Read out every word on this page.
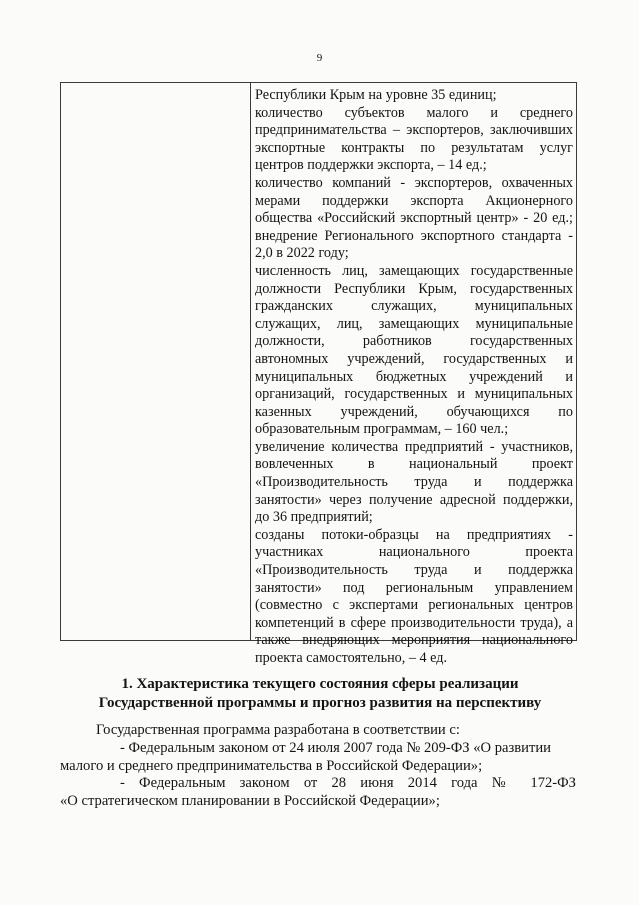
9
Республики Крым на уровне 35 единиц;
количество субъектов малого и среднего
предпринимательства – экспортеров, заключивших
экспортные контракты по результатам услуг
центров поддержки экспорта, – 14 ед.;
количество компаний - экспортеров, охваченных
мерами поддержки экспорта Акционерного
общества «Российский экспортный центр» - 20 ед.;
внедрение Регионального экспортного стандарта -
2,0 в 2022 году;
численность лиц, замещающих государственные
должности Республики Крым, государственных
гражданских служащих, муниципальных
служащих, лиц, замещающих муниципальные
должности, работников государственных
автономных учреждений, государственных и
муниципальных бюджетных учреждений и
организаций, государственных и муниципальных
казенных учреждений, обучающихся по
образовательным программам, – 160 чел.;
увеличение количества предприятий - участников,
вовлеченных в национальный проект
«Производительность труда и поддержка
занятости» через получение адресной поддержки,
до 36 предприятий;
созданы потоки-образцы на предприятиях -
участниках национального проекта
«Производительность труда и поддержка
занятости» под региональным управлением
(совместно с экспертами региональных центров
компетенций в сфере производительности труда), а
также внедряющих мероприятия национального
проекта самостоятельно, – 4 ед.
1. Характеристика текущего состояния сферы реализации
Государственной программы и прогноз развития на перспективу
Государственная программа разработана в соответствии с:
- Федеральным законом от 24 июля 2007 года № 209-ФЗ «О развитии
малого и среднего предпринимательства в Российской Федерации»;
- Федеральным законом от 28 июня 2014 года № 172-ФЗ
«О стратегическом планировании в Российской Федерации»;
